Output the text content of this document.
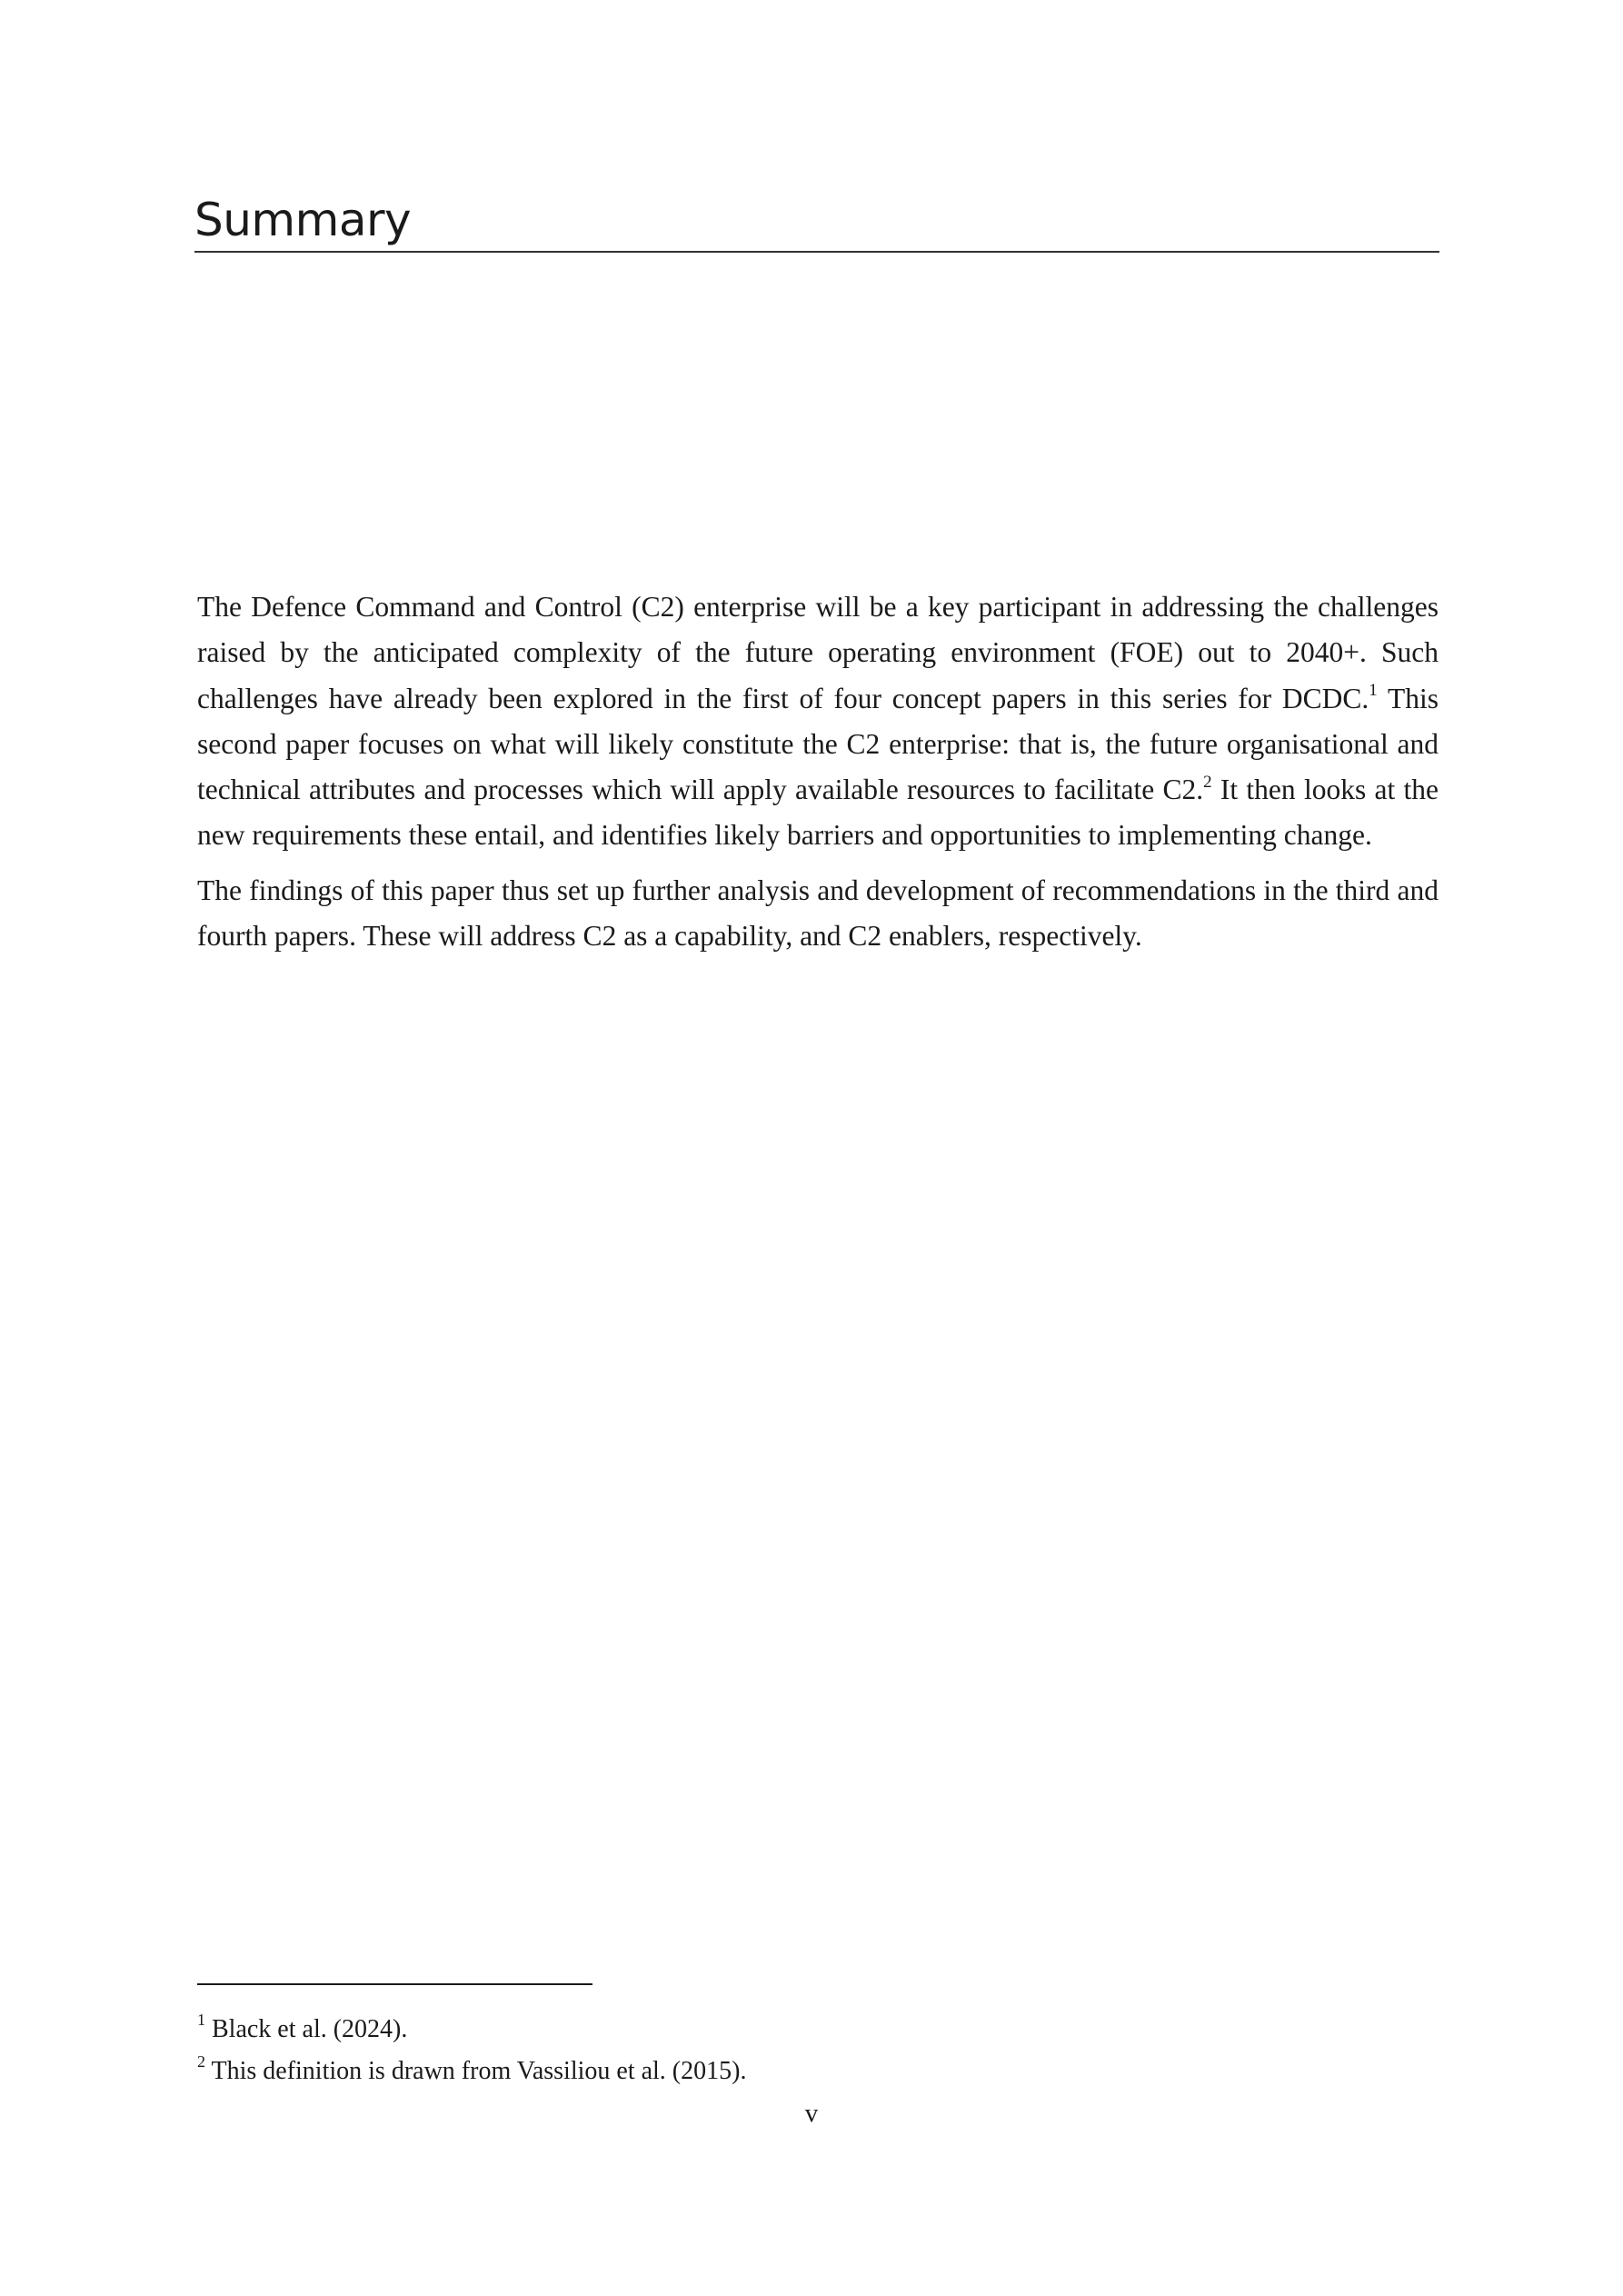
Summary

The Defence Command and Control (C2) enterprise will be a key participant in addressing the challenges raised by the anticipated complexity of the future operating environment (FOE) out to 2040+. Such challenges have already been explored in the first of four concept papers in this series for DCDC.$^1$ This second paper focuses on what will likely constitute the C2 enterprise: that is, the future organisational and technical attributes and processes which will apply available resources to facilitate C2.$^2$ It then looks at the new requirements these entail, and identifies likely barriers and opportunities to implementing change.

The findings of this paper thus set up further analysis and development of recommendations in the third and fourth papers. These will address C2 as a capability, and C2 enablers, respectively.

$^1$ Black et al. (2024).

$^2$ This definition is drawn from Vassiliou et al. (2015).

v
